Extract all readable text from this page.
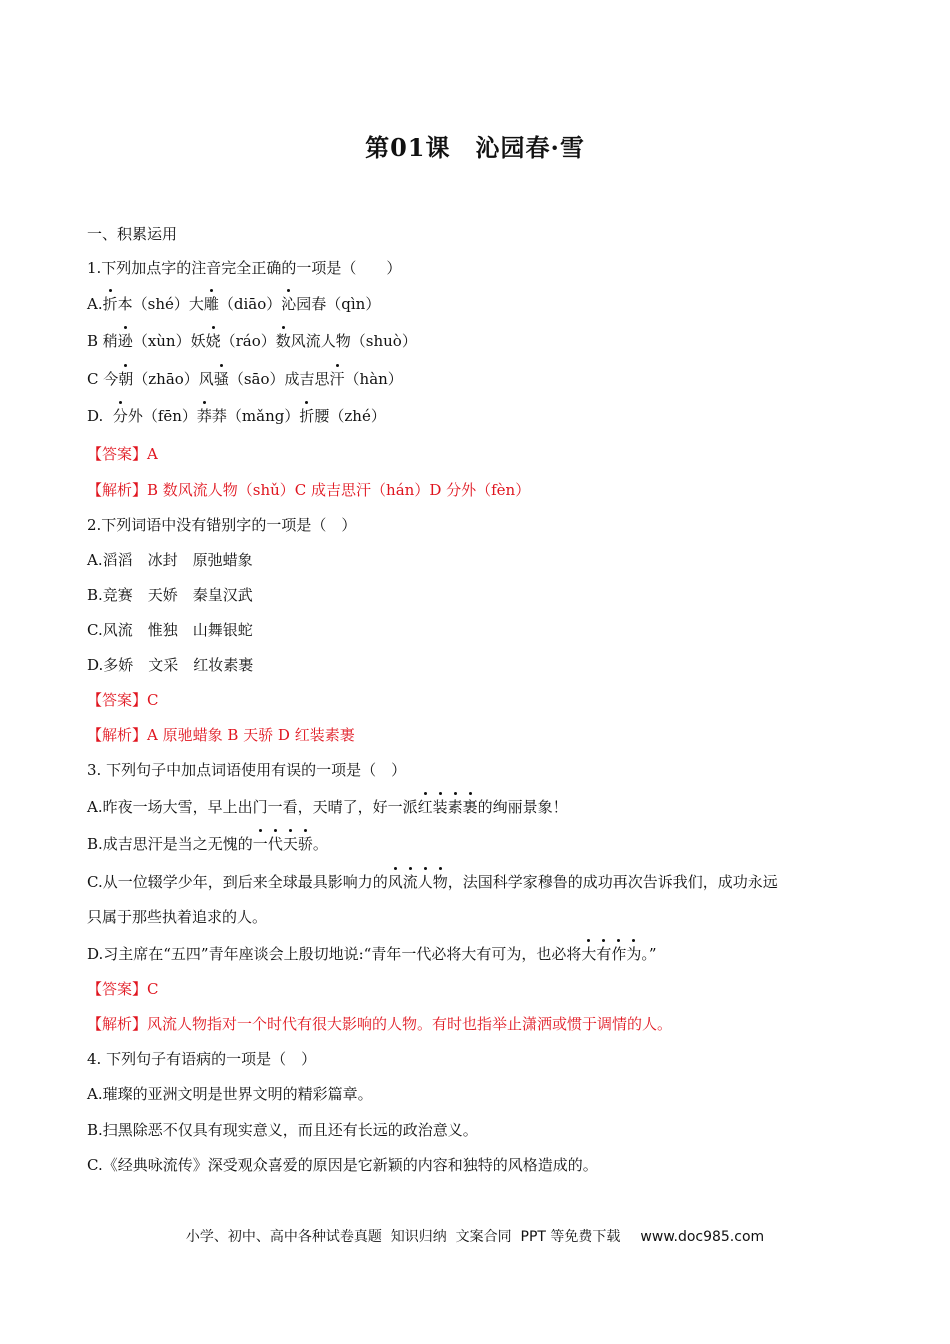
第01课　沁园春·雪
一、积累运用
1.下列加点字的注音完全正确的一项是（　　）
A.折本（shé）大雕（diāo）沁园春（qìn）
B 稍逊（xùn）妖娆（ráo）数风流人物（shuò）
C 今朝（zhāo）风骚（sāo）成吉思汗（hàn）
D.  分外（fēn）莽莽（mǎng）折腰（zhé）
【答案】A
【解析】B 数风流人物（shǔ）C 成吉思汗（hán）D 分外（fèn）
2.下列词语中没有错别字的一项是（　）
A.滔滔　冰封　原弛蜡象
B.竞赛　天娇　秦皇汉武
C.风流　惟独　山舞银蛇
D.多娇　文采　红妆素裹
【答案】C
【解析】A 原驰蜡象 B 天骄 D 红装素裹
3. 下列句子中加点词语使用有误的一项是（　）
A.昨夜一场大雪，早上出门一看，天晴了，好一派红装素裹的绚丽景象！
B.成吉思汗是当之无愧的一代天骄。
C.从一位辍学少年，到后来全球最具影响力的风流人物，法国科学家穆鲁的成功再次告诉我们，成功永远
只属于那些执着追求的人。
D.习主席在“五四”青年座谈会上殷切地说:“青年一代必将大有可为，也必将大有作为。”
【答案】C
【解析】风流人物指对一个时代有很大影响的人物。有时也指举止潇洒或惯于调情的人。
4. 下列句子有语病的一项是（　）
A.璀璨的亚洲文明是世界文明的精彩篇章。
B.扫黑除恶不仅具有现实意义，而且还有长远的政治意义。
C.《经典咏流传》深受观众喜爱的原因是它新颖的内容和独特的风格造成的。
小学、初中、高中各种试卷真题  知识归纳  文案合同  PPT 等免费下载 www.doc985.com
